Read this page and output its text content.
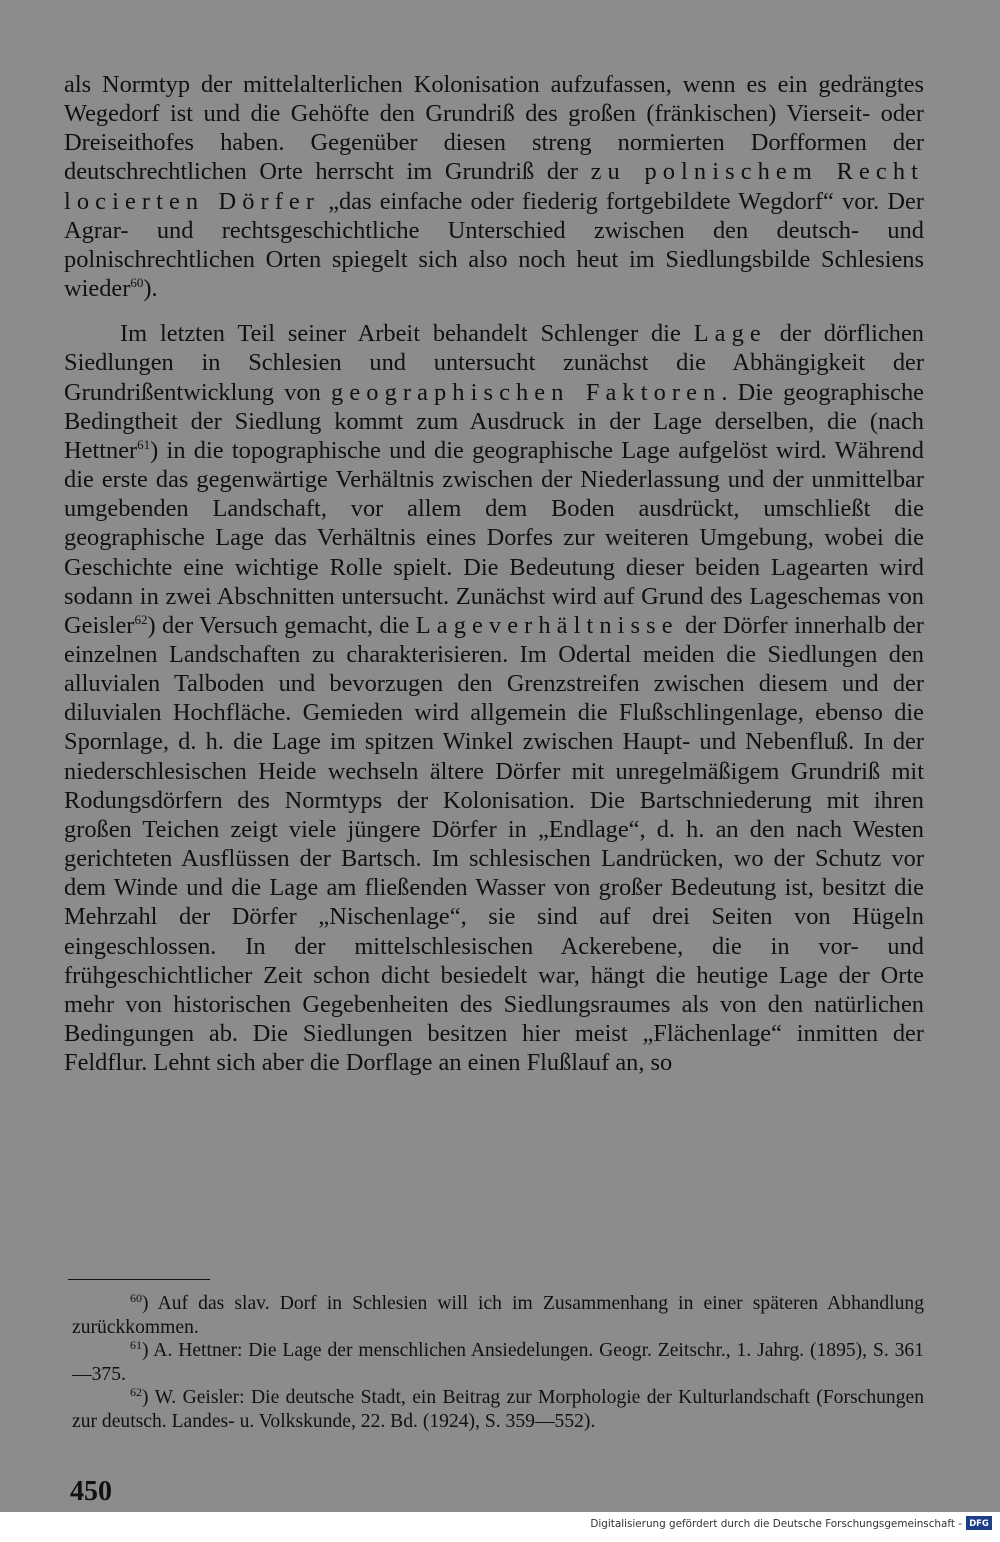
als Normtyp der mittelalterlichen Kolonisation aufzufassen, wenn es ein gedrängtes Wegedorf ist und die Gehöfte den Grundriß des großen (fränkischen) Vierseit- oder Dreiseithofes haben. Gegenüber diesen streng normierten Dorfformen der deutschrechtlichen Orte herrscht im Grundriß der zu polnischem Recht locierten Dörfer „das einfache oder fiederig fortgebildete Wegdorf“ vor. Der Agrar- und rechtsgeschichtliche Unterschied zwischen den deutsch- und polnischrechtlichen Orten spiegelt sich also noch heut im Siedlungsbilde Schlesiens wieder$^{60}$).

Im letzten Teil seiner Arbeit behandelt Schlenger die Lage der dörflichen Siedlungen in Schlesien und untersucht zunächst die Abhängigkeit der Grundrißentwicklung von geographischen Faktoren. Die geographische Bedingtheit der Siedlung kommt zum Ausdruck in der Lage derselben, die (nach Hettner$^{61}$) in die topographische und die geographische Lage aufgelöst wird. Während die erste das gegenwärtige Verhältnis zwischen der Niederlassung und der unmittelbar umgebenden Landschaft, vor allem dem Boden ausdrückt, umschließt die geographische Lage das Verhältnis eines Dorfes zur weiteren Umgebung, wobei die Geschichte eine wichtige Rolle spielt. Die Bedeutung dieser beiden Lagearten wird sodann in zwei Abschnitten untersucht. Zunächst wird auf Grund des Lageschemas von Geisler$^{62}$) der Versuch gemacht, die Lageverhältnisse der Dörfer innerhalb der einzelnen Landschaften zu charakterisieren. Im Odertal meiden die Siedlungen den alluvialen Talboden und bevorzugen den Grenzstreifen zwischen diesem und der diluvialen Hochfläche. Gemieden wird allgemein die Flußschlingenlage, ebenso die Spornlage, d. h. die Lage im spitzen Winkel zwischen Haupt- und Nebenfluß. In der niederschlesischen Heide wechseln ältere Dörfer mit unregelmäßigem Grundriß mit Rodungsdörfern des Normtyps der Kolonisation. Die Bartschniederung mit ihren großen Teichen zeigt viele jüngere Dörfer in „Endlage“, d. h. an den nach Westen gerichteten Ausflüssen der Bartsch. Im schlesischen Landrücken, wo der Schutz vor dem Winde und die Lage am fließenden Wasser von großer Bedeutung ist, besitzt die Mehrzahl der Dörfer „Nischenlage“, sie sind auf drei Seiten von Hügeln eingeschlossen. In der mittelschlesischen Ackerebene, die in vor- und frühgeschichtlicher Zeit schon dicht besiedelt war, hängt die heutige Lage der Orte mehr von historischen Gegebenheiten des Siedlungsraumes als von den natürlichen Bedingungen ab. Die Siedlungen besitzen hier meist „Flächenlage“ inmitten der Feldflur. Lehnt sich aber die Dorflage an einen Flußlauf an, so

$^{60}$) Auf das slav. Dorf in Schlesien will ich im Zusammenhang in einer späteren Abhandlung zurückkommen.

$^{61}$) A. Hettner: Die Lage der menschlichen Ansiedelungen. Geogr. Zeitschr., 1. Jahrg. (1895), S. 361—375.

$^{62}$) W. Geisler: Die deutsche Stadt, ein Beitrag zur Morphologie der Kulturlandschaft (Forschungen zur deutsch. Landes- u. Volkskunde, 22. Bd. (1924), S. 359—552).

450
Digitalisierung gefördert durch die Deutsche Forschungsgemeinschaft - DFG
